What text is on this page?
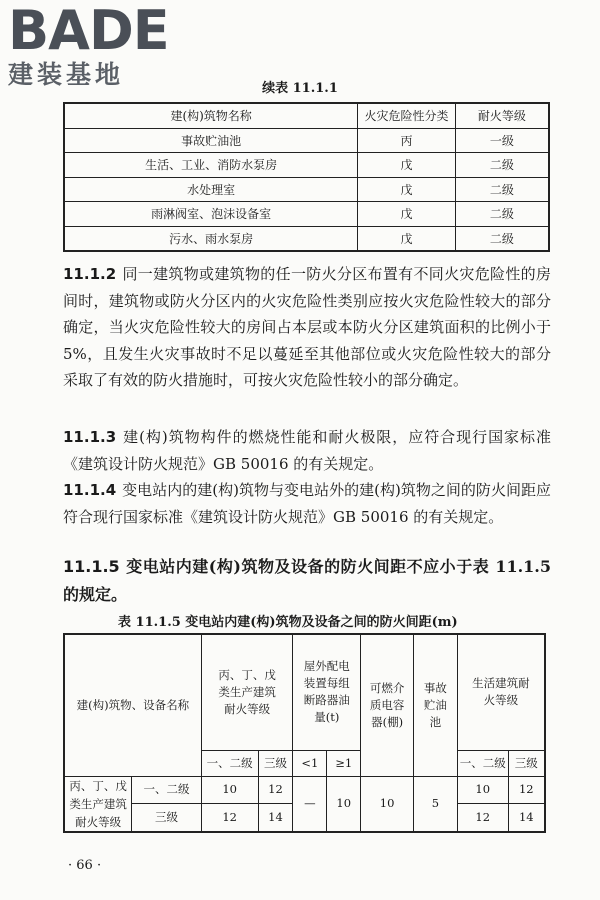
BADE
建装基地	续表 11.1.1
建(构)筑物名称	火灾危险性分类	耐火等级
事故贮油池	丙	一级
生活、工业、消防水泵房	戊	二级
水处理室	戊	二级
雨淋阀室、泡沫设备室	戊	二级
污水、雨水泵房	戊	二级
11.1.2 同一建筑物或建筑物的任一防火分区布置有不同火灾危险性的房间时，建筑物或防火分区内的火灾危险性类别应按火灾危险性较大的部分确定，当火灾危险性较大的房间占本层或本防火分区建筑面积的比例小于 5%，且发生火灾事故时不足以蔓延至其他部位或火灾危险性较大的部分采取了有效的防火措施时，可按火灾危险性较小的部分确定。
11.1.3 建(构)筑物构件的燃烧性能和耐火极限，应符合现行国家标准《建筑设计防火规范》GB 50016 的有关规定。
11.1.4 变电站内的建(构)筑物与变电站外的建(构)筑物之间的防火间距应符合现行国家标准《建筑设计防火规范》GB 50016 的有关规定。
11.1.5 变电站内建(构)筑物及设备的防火间距不应小于表 11.1.5 的规定。
表 11.1.5 变电站内建(构)筑物及设备之间的防火间距(m)
建(构)筑物、设备名称		丙、丁、戊类生产建筑耐火等级		屋外配电装置每组断路器油量(t)		可燃介质电容器(棚)	事故贮油池	生活建筑耐火等级	
		一、二级	三级	<1	≥1			一、二级	三级
丙、丁、戊类生产建筑耐火等级	一、二级	10	12	—	10	10	5	10	12
	三级	12	14					12	14
· 66 ·
